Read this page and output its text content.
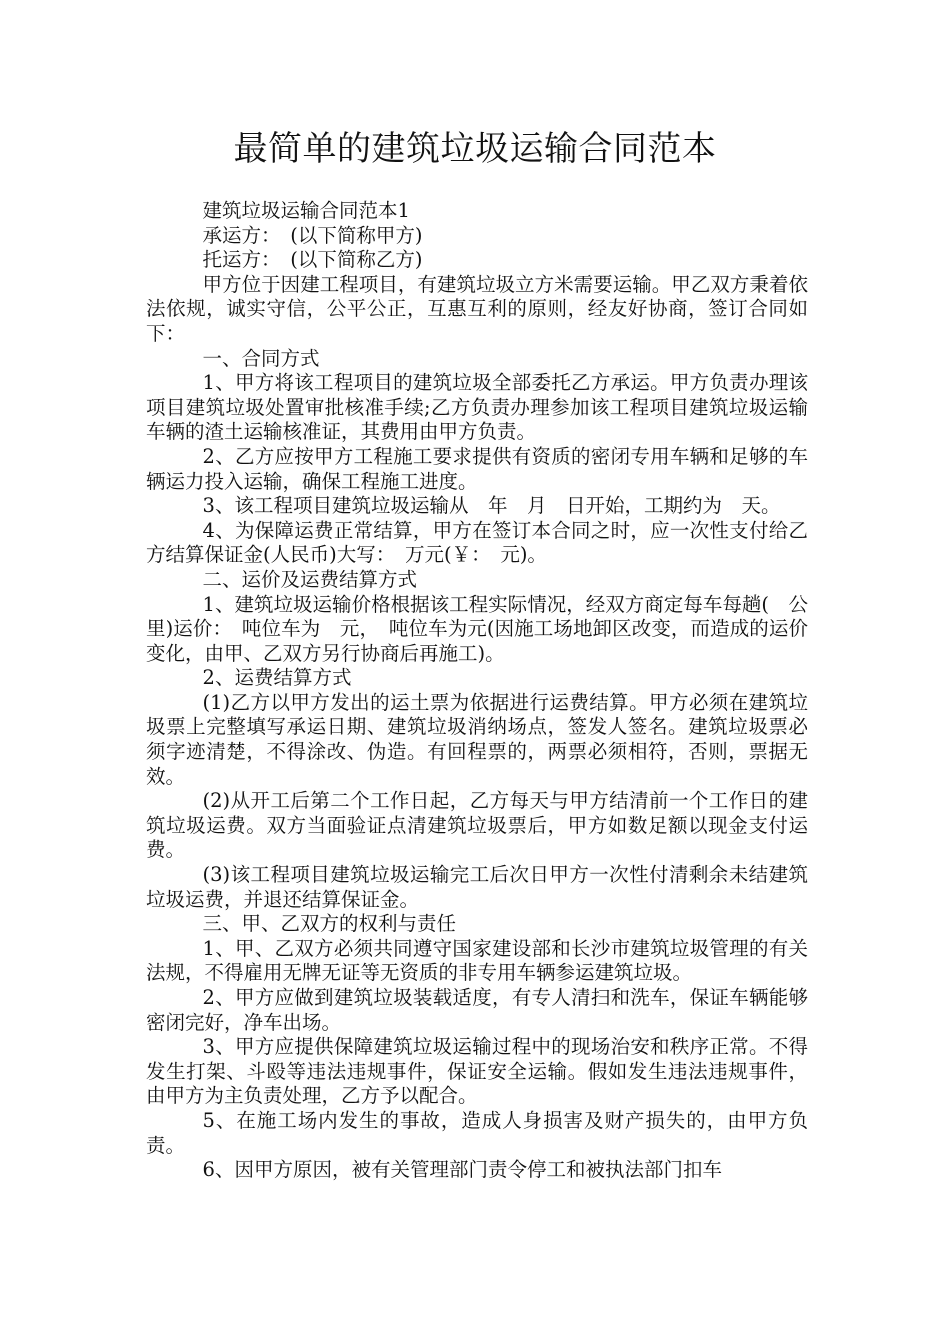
最简单的建筑垃圾运输合同范本

建筑垃圾运输合同范本1

承运方：　(以下简称甲方)

托运方：　(以下简称乙方)

甲方位于因建工程项目，有建筑垃圾立方米需要运输。甲乙双方秉着依法依规，诚实守信，公平公正，互惠互利的原则，经友好协商，签订合同如下：

一、合同方式

1、甲方将该工程项目的建筑垃圾全部委托乙方承运。甲方负责办理该项目建筑垃圾处置审批核准手续;乙方负责办理参加该工程项目建筑垃圾运输车辆的渣土运输核准证，其费用由甲方负责。

2、乙方应按甲方工程施工要求提供有资质的密闭专用车辆和足够的车辆运力投入运输，确保工程施工进度。

3、该工程项目建筑垃圾运输从　年　月　日开始，工期约为　天。

4、为保障运费正常结算，甲方在签订本合同之时，应一次性支付给乙方结算保证金(人民币)大写：　万元(￥：　元)。

二、运价及运费结算方式

1、建筑垃圾运输价格根据该工程实际情况，经双方商定每车每趟(　公里)运价：　吨位车为　元，　吨位车为元(因施工场地卸区改变，而造成的运价变化，由甲、乙双方另行协商后再施工)。

2、运费结算方式

(1)乙方以甲方发出的运土票为依据进行运费结算。甲方必须在建筑垃圾票上完整填写承运日期、建筑垃圾消纳场点，签发人签名。建筑垃圾票必须字迹清楚，不得涂改、伪造。有回程票的，两票必须相符，否则，票据无效。

(2)从开工后第二个工作日起，乙方每天与甲方结清前一个工作日的建筑垃圾运费。双方当面验证点清建筑垃圾票后，甲方如数足额以现金支付运费。

(3)该工程项目建筑垃圾运输完工后次日甲方一次性付清剩余未结建筑垃圾运费，并退还结算保证金。

三、甲、乙双方的权利与责任

1、甲、乙双方必须共同遵守国家建设部和长沙市建筑垃圾管理的有关法规，不得雇用无牌无证等无资质的非专用车辆参运建筑垃圾。

2、甲方应做到建筑垃圾装载适度，有专人清扫和洗车，保证车辆能够密闭完好，净车出场。

3、甲方应提供保障建筑垃圾运输过程中的现场治安和秩序正常。不得发生打架、斗殴等违法违规事件，保证安全运输。假如发生违法违规事件，由甲方为主负责处理，乙方予以配合。

5、在施工场内发生的事故，造成人身损害及财产损失的，由甲方负责。

6、因甲方原因，被有关管理部门责令停工和被执法部门扣车
